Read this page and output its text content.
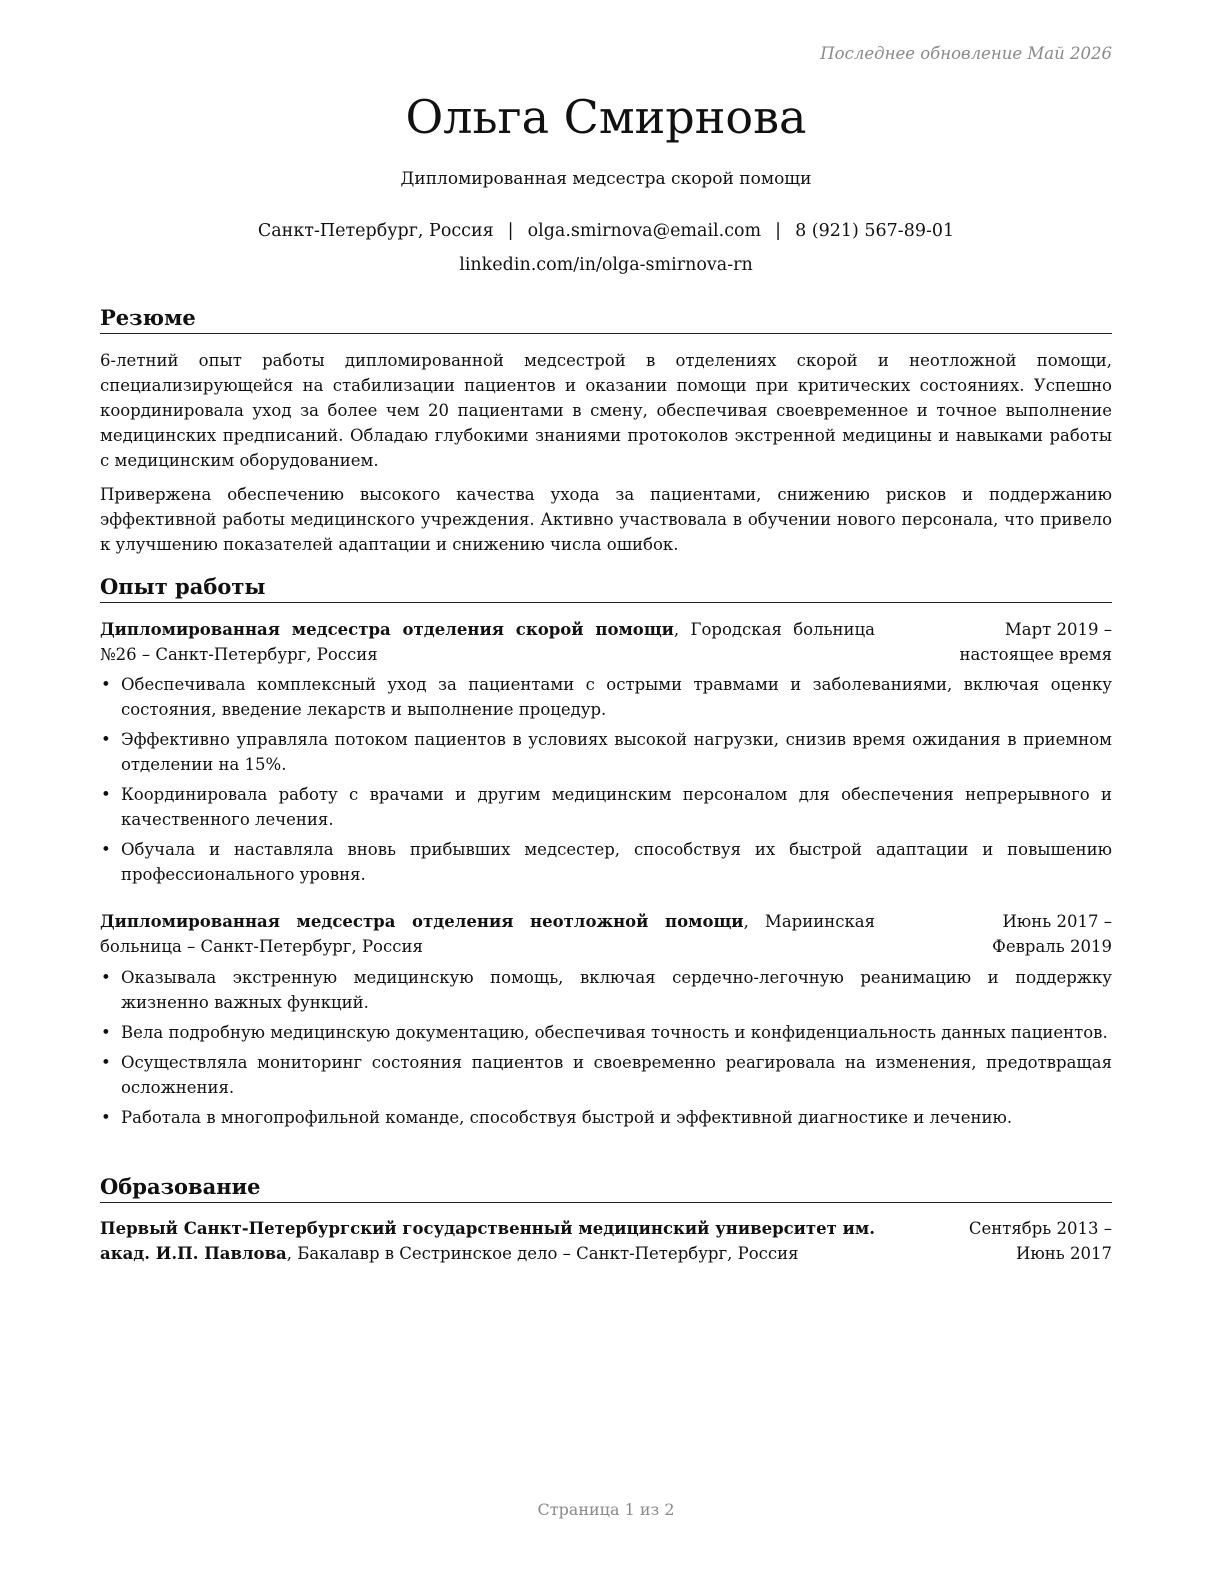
Последнее обновление Май 2026
Ольга Смирнова
Дипломированная медсестра скорой помощи
Санкт-Петербург, Россия | olga.smirnova@email.com | 8 (921) 567-89-01
linkedin.com/in/olga-smirnova-rn
Резюме

6-летний опыт работы дипломированной медсестрой в отделениях скорой и неотложной помощи, специализирующейся на стабилизации пациентов и оказании помощи при критических состояниях. Успешно координировала уход за более чем 20 пациентами в смену, обеспечивая своевременное и точное выполнение медицинских предписаний. Обладаю глубокими знаниями протоколов экстренной медицины и навыками работы с медицинским оборудованием.

Привержена обеспечению высокого качества ухода за пациентами, снижению рисков и поддержанию эффективной работы медицинского учреждения. Активно участвовала в обучении нового персонала, что привело к улучшению показателей адаптации и снижению числа ошибок.

Опыт работы
Дипломированная медсестра отделения скорой помощи, Городская больница №26 – Санкт-Петербург, Россия
Март 2019 – настоящее время
• Обеспечивала комплексный уход за пациентами с острыми травмами и заболеваниями, включая оценку состояния, введение лекарств и выполнение процедур.
• Эффективно управляла потоком пациентов в условиях высокой нагрузки, снизив время ожидания в приемном отделении на 15%.
• Координировала работу с врачами и другим медицинским персоналом для обеспечения непрерывного и качественного лечения.
• Обучала и наставляла вновь прибывших медсестер, способствуя их быстрой адаптации и повышению профессионального уровня.
Дипломированная медсестра отделения неотложной помощи, Мариинская больница – Санкт-Петербург, Россия
Июнь 2017 – Февраль 2019
• Оказывала экстренную медицинскую помощь, включая сердечно-легочную реанимацию и поддержку жизненно важных функций.
• Вела подробную медицинскую документацию, обеспечивая точность и конфиденциальность данных пациентов.
• Осуществляла мониторинг состояния пациентов и своевременно реагировала на изменения, предотвращая осложнения.
• Работала в многопрофильной команде, способствуя быстрой и эффективной диагностике и лечению.
Образование
Первый Санкт-Петербургский государственный медицинский университет им. акад. И.П. Павлова, Бакалавр в Сестринское дело – Санкт-Петербург, Россия
Сентябрь 2013 – Июнь 2017
Страница 1 из 2
